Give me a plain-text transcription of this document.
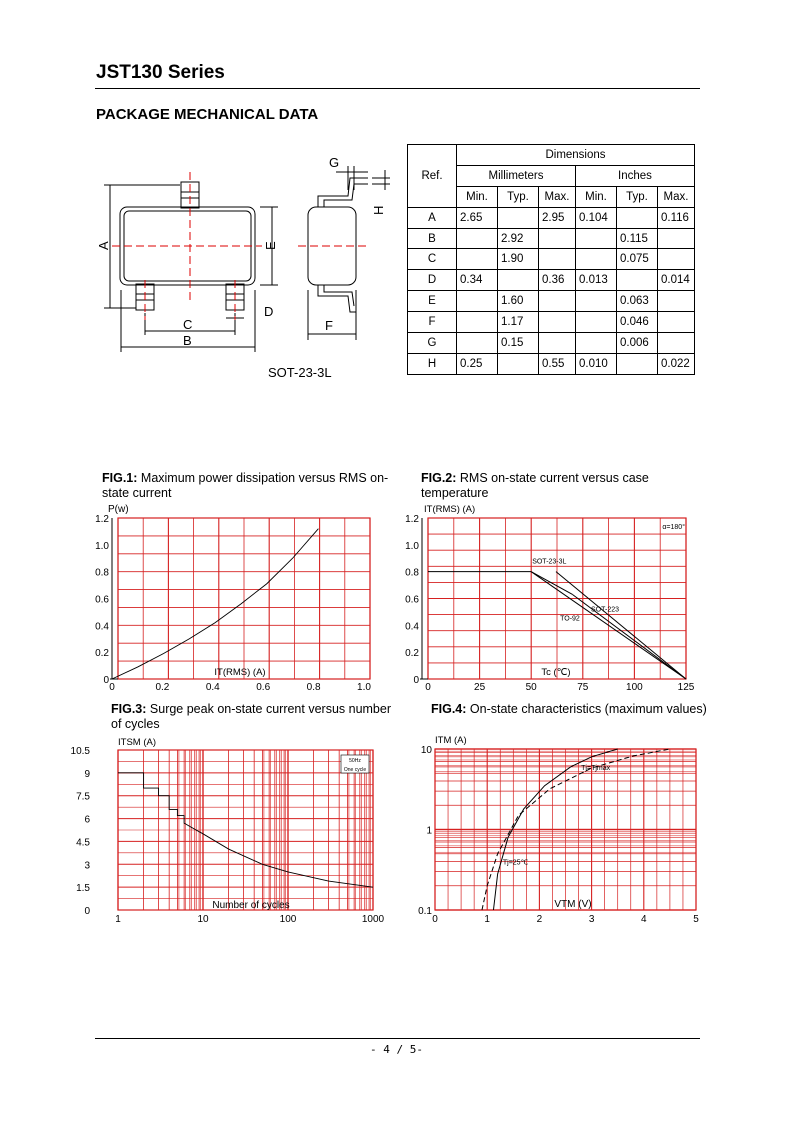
JST130 Series
PACKAGE MECHANICAL DATA
A
B
C
D
E
F
G
H
SOT-23-3L
Ref.	Dimensions					
	Millimeters			Inches		
	Min.	Typ.	Max.	Min.	Typ.	Max.
A	2.65		2.95	0.104		0.116
B		2.92			0.115	
C		1.90			0.075	
D	0.34		0.36	0.013		0.014
E		1.60			0.063	
F		1.17			0.046	
G		0.15			0.006	
H	0.25		0.55	0.010		0.022
FIG.1: Maximum power dissipation versus RMS on-state current
FIG.2: RMS on-state current versus case temperature
FIG.3: Surge peak on-state current versus number of cycles
FIG.4: On-state characteristics (maximum values)
0	0.2	0.4	0.6	0.8	1.0
0
0.2
0.4
0.6
0.8
1.0
1.2
0	25	50	75	100	125
0
0.2
0.4
0.6
0.8
1.0
1.2
P(w)
IT(RMS) (A)
IT(RMS) (A)
Tc (℃)
α=180°
SOT-23-3L
SOT-223
TO-92
0
1.5
3
4.5
6
7.5
9
10.5
1	10	100	1000
ITSM (A)
Number of cycles
50Hz
One cycle
0	1	2	3	4	5
0.1
1
10
ITM (A)
VTM (V)
Tj=Tjmax
Tj=25℃
- 4 / 5-
